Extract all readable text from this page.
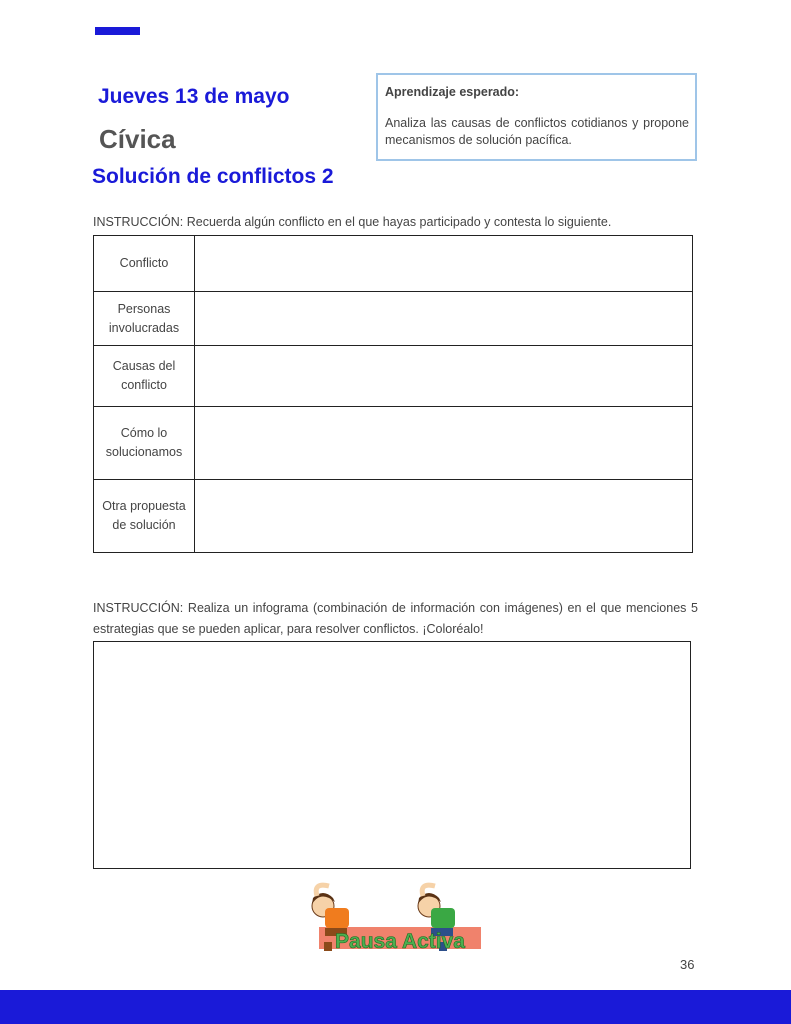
Jueves 13 de mayo
Cívica
Solución de conflictos 2
Aprendizaje esperado:
Analiza las causas de conflictos cotidianos y propone mecanismos de solución pacífica.
INSTRUCCIÓN: Recuerda algún conflicto en el que hayas participado y contesta lo siguiente.
Conflicto	
Personas involucradas	
Causas del conflicto	
Cómo lo solucionamos	
Otra propuesta de solución	
INSTRUCCIÓN: Realiza un infograma (combinación de información con imágenes) en el que menciones 5 estrategias que se pueden aplicar, para resolver conflictos. ¡Coloréalo!
Pausa Activa
36
